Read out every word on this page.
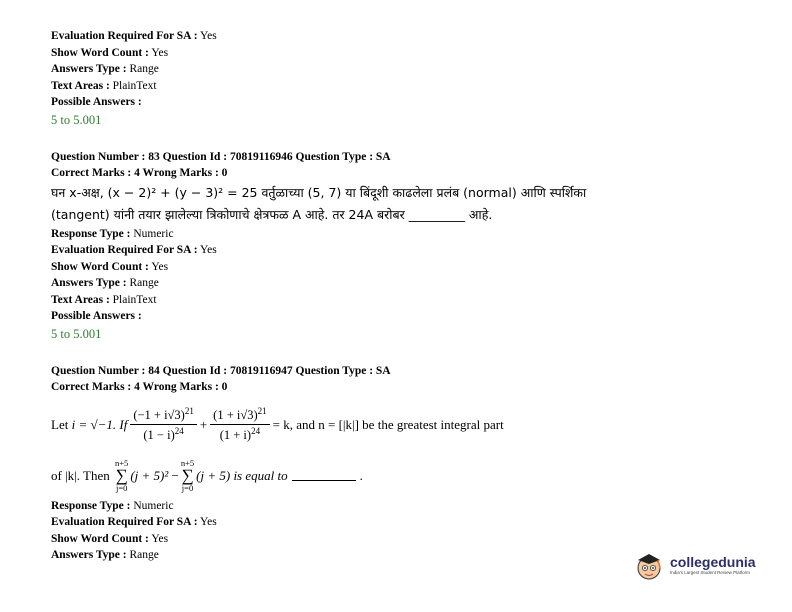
Evaluation Required For SA : Yes
Show Word Count : Yes
Answers Type : Range
Text Areas : PlainText
Possible Answers :
5 to 5.001
Question Number : 83 Question Id : 70819116946 Question Type : SA
Correct Marks : 4 Wrong Marks : 0
घन x-अक्ष, (x − 2)² + (y − 3)² = 25 वर्तुळाच्या (5, 7) या बिंदूशी काढलेला प्रलंब (normal) आणि स्पर्शिका
(tangent) यांनी तयार झालेल्या त्रिकोणाचे क्षेत्रफळ A आहे. तर 24A बरोबर _________ आहे.
Response Type : Numeric
Evaluation Required For SA : Yes
Show Word Count : Yes
Answers Type : Range
Text Areas : PlainText
Possible Answers :
5 to 5.001
Question Number : 84 Question Id : 70819116947 Question Type : SA
Correct Marks : 4 Wrong Marks : 0
Let
i = √−1. If $\frac{(-1 + i√3)^{21}}{(1 - i)^{24}} + \frac{(1 + i√3)^{21}}{(1 + i)^{24}} = k$, and n = [|k|] be the greatest integral part
of |k|. Then

n+5
∑
j=0
(j + 5)²
−
n+5
∑
j=0
(j + 5) is equal to	.
Response Type : Numeric
Evaluation Required For SA : Yes
Show Word Count : Yes
Answers Type : Range	collegedunia
India's Largest Student Review Platform
